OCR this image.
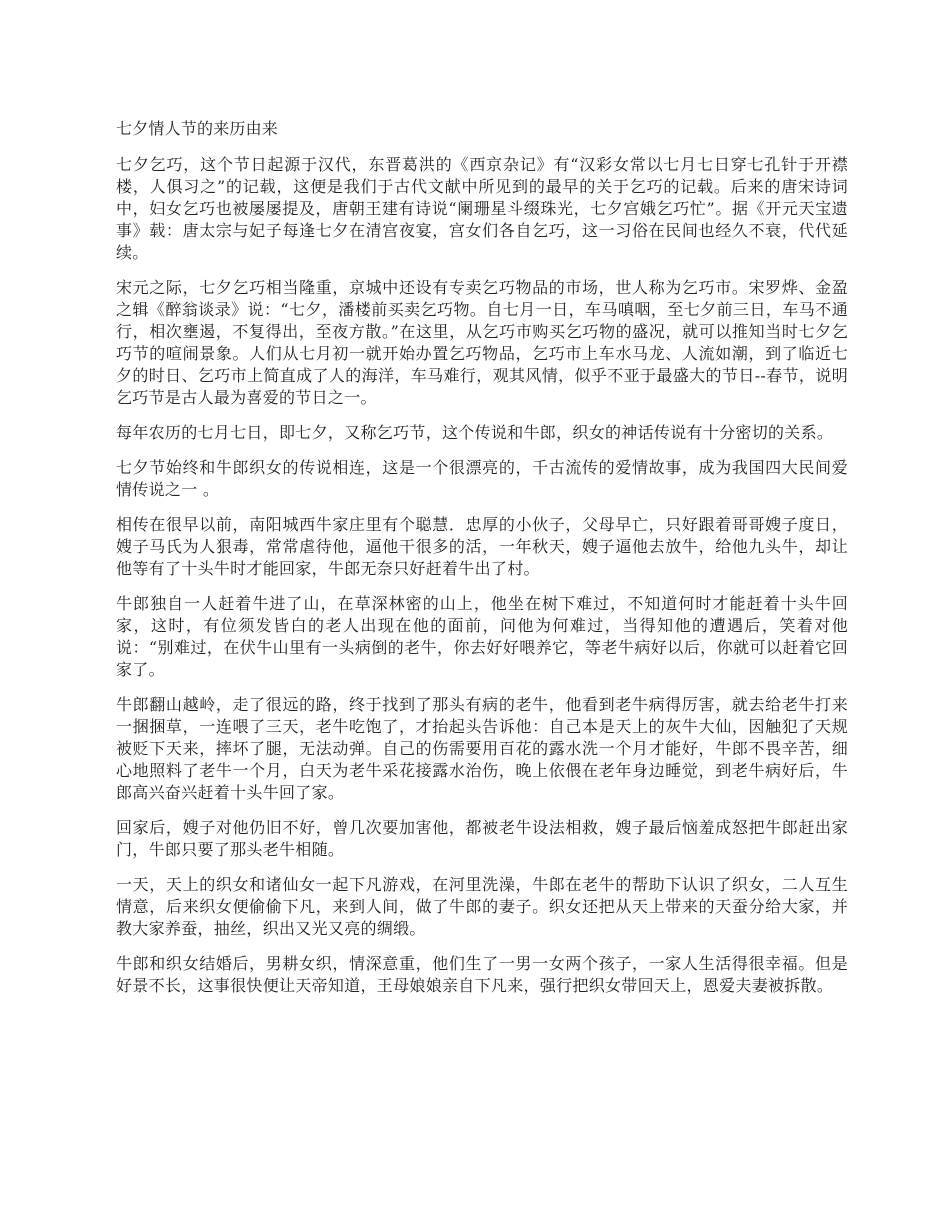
七夕情人节的来历由来

七夕乞巧，这个节日起源于汉代，东晋葛洪的《西京杂记》有“汉彩女常以七月七日穿七孔针于开襟楼，人俱习之”的记载，这便是我们于古代文献中所见到的最早的关于乞巧的记载。后来的唐宋诗词中，妇女乞巧也被屡屡提及，唐朝王建有诗说“阑珊星斗缀珠光，七夕宫娥乞巧忙”。据《开元天宝遗事》载：唐太宗与妃子每逢七夕在清宫夜宴，宫女们各自乞巧，这一习俗在民间也经久不衰，代代延续。

宋元之际，七夕乞巧相当隆重，京城中还设有专卖乞巧物品的市场，世人称为乞巧市。宋罗烨、金盈之辑《醉翁谈录》说：“七夕，潘楼前买卖乞巧物。自七月一日，车马嗔咽，至七夕前三日，车马不通行，相次壅遏，不复得出，至夜方散。”在这里，从乞巧市购买乞巧物的盛况，就可以推知当时七夕乞巧节的喧闹景象。人们从七月初一就开始办置乞巧物品，乞巧市上车水马龙、人流如潮，到了临近七夕的时日、乞巧市上简直成了人的海洋，车马难行，观其风情，似乎不亚于最盛大的节日--春节，说明乞巧节是古人最为喜爱的节日之一。

每年农历的七月七日，即七夕，又称乞巧节，这个传说和牛郎，织女的神话传说有十分密切的关系。

七夕节始终和牛郎织女的传说相连，这是一个很漂亮的，千古流传的爱情故事，成为我国四大民间爱情传说之一 。

相传在很早以前，南阳城西牛家庄里有个聪慧．忠厚的小伙子，父母早亡，只好跟着哥哥嫂子度日，嫂子马氏为人狠毒，常常虐待他，逼他干很多的活，一年秋天，嫂子逼他去放牛，给他九头牛，却让他等有了十头牛时才能回家，牛郎无奈只好赶着牛出了村。

牛郎独自一人赶着牛进了山，在草深林密的山上，他坐在树下难过，不知道何时才能赶着十头牛回家，这时，有位须发皆白的老人出现在他的面前，问他为何难过，当得知他的遭遇后，笑着对他说：“别难过，在伏牛山里有一头病倒的老牛，你去好好喂养它，等老牛病好以后，你就可以赶着它回家了。

牛郎翻山越岭，走了很远的路，终于找到了那头有病的老牛，他看到老牛病得厉害，就去给老牛打来一捆捆草，一连喂了三天，老牛吃饱了，才抬起头告诉他：自己本是天上的灰牛大仙，因触犯了天规被贬下天来，摔坏了腿，无法动弹。自己的伤需要用百花的露水洗一个月才能好，牛郎不畏辛苦，细心地照料了老牛一个月，白天为老牛采花接露水治伤，晚上依偎在老年身边睡觉，到老牛病好后，牛郎高兴奋兴赶着十头牛回了家。

回家后，嫂子对他仍旧不好，曾几次要加害他，都被老牛设法相救，嫂子最后恼羞成怒把牛郎赶出家门，牛郎只要了那头老牛相随。

一天，天上的织女和诸仙女一起下凡游戏，在河里洗澡，牛郎在老牛的帮助下认识了织女，二人互生情意，后来织女便偷偷下凡，来到人间，做了牛郎的妻子。织女还把从天上带来的天蚕分给大家，并教大家养蚕，抽丝，织出又光又亮的绸缎。

牛郎和织女结婚后，男耕女织，情深意重，他们生了一男一女两个孩子，一家人生活得很幸福。但是好景不长，这事很快便让天帝知道，王母娘娘亲自下凡来，强行把织女带回天上，恩爱夫妻被拆散。
